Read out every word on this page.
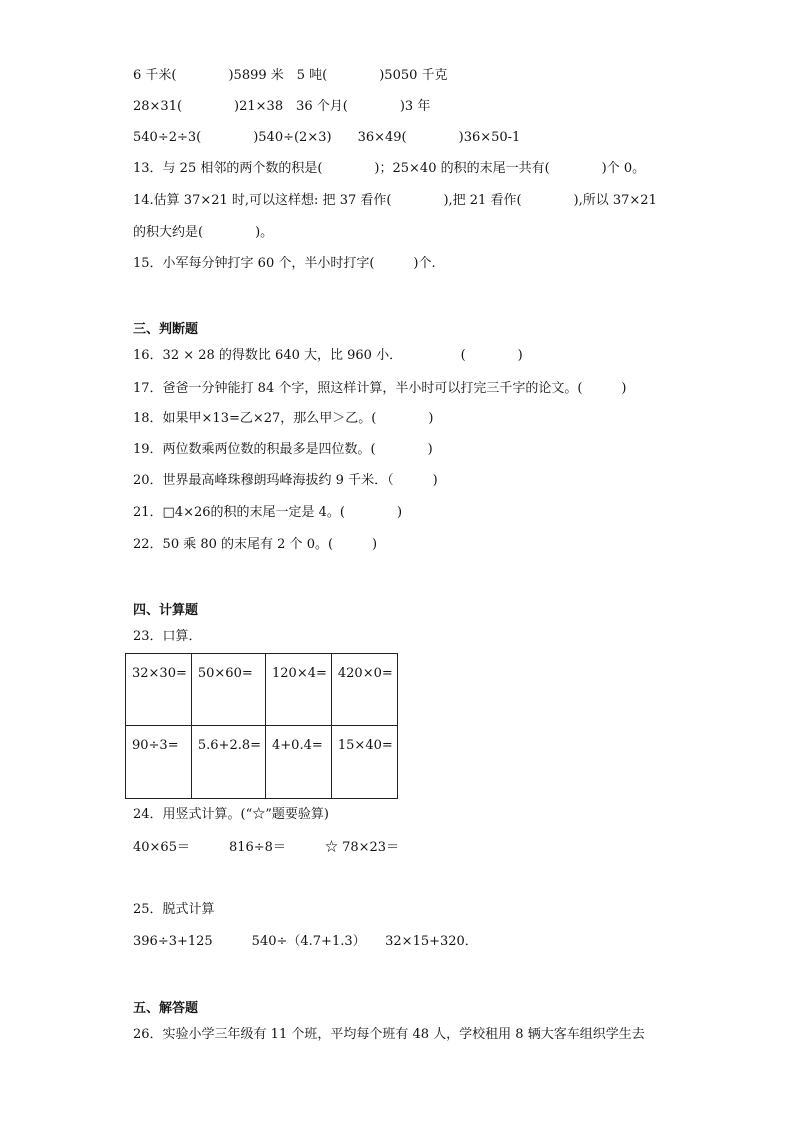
6 千米(　　　　)5899 米　5 吨(　　　　)5050 千克
28×31(　　　　)21×38　36 个月(　　　　)3 年
540÷2÷3(　　　　)540÷(2×3)　　36×49(　　　　)36×50-1
13．与 25 相邻的两个数的积是(　　　　)；25×40 的积的末尾一共有(　　　　)个 0。
14.估算 37×21 时,可以这样想: 把 37 看作(　　　　),把 21 看作(　　　　),所以 37×21
的积大约是(　　　　)。
15．小军每分钟打字 60 个，半小时打字(　　　)个.
三、判断题
16．32 × 28 的得数比 640 大，比 960 小．　　　　　(　　　　)
17．爸爸一分钟能打 84 个字，照这样计算，半小时可以打完三千字的论文。(　　　)
18．如果甲×13=乙×27，那么甲＞乙。(　　　　)
19．两位数乘两位数的积最多是四位数。(　　　　)
20．世界最高峰珠穆朗玛峰海拔约 9 千米．（　　　)
21．□4×26的积的末尾一定是 4。(　　　　)
22．50 乘 80 的末尾有 2 个 0。(　　　)
四、计算题
23．口算．
32×30=	50×60=	120×4=	420×0=
90÷3=	5.6+2.8=	4+0.4=	15×40=
24．用竖式计算。(“☆”题要验算)
40×65＝　　　816÷8＝　　　☆ 78×23＝
25．脱式计算
396÷3+125　　　540÷（4.7+1.3）　　32×15+320．
五、解答题
26．实验小学三年级有 11 个班，平均每个班有 48 人，学校租用 8 辆大客车组织学生去
